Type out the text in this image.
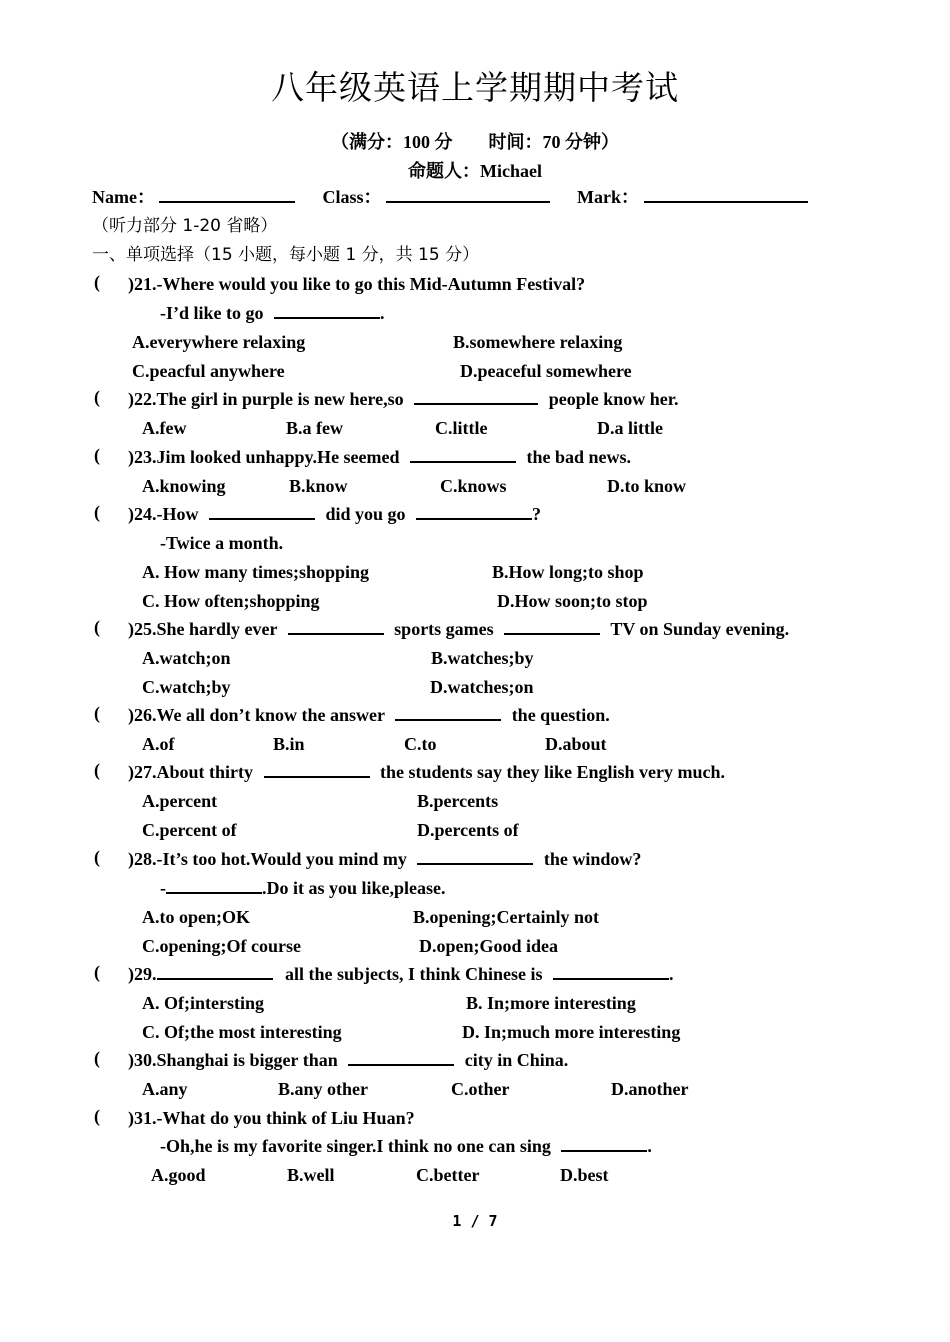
八年级英语上学期期中考试
（满分：100 分　　时间：70 分钟）
命题人：Michael
Name：	Class：	Mark：
（听力部分 1-20 省略）
一、单项选择（15 小题，每小题 1 分，共 15 分）
( )21.-Where would you like to go this Mid-Autumn Festival?
-I’d like to go	.
A.everywhere relaxing	B.somewhere relaxing
C.peacful anywhere	D.peaceful somewhere
( )22.The girl in purple is new here,so	people know her.
A.few	B.a few	C.little	D.a little
( )23.Jim looked unhappy.He seemed	the bad news.
A.knowing	B.know	C.knows	D.to know
( )24.-How	did you go	?
-Twice a month.
A. How many times;shopping	B.How long;to shop
C. How often;shopping	D.How soon;to stop
( )25.She hardly ever	sports games	TV on Sunday evening.
A.watch;on	B.watches;by
C.watch;by	D.watches;on
( )26.We all don’t know the answer	the question.
A.of	B.in	C.to	D.about
( )27.About thirty	the students say they like English very much.
A.percent	B.percents
C.percent of	D.percents of
( )28.-It’s too hot.Would you mind my	the window?
-	.Do it as you like,please.
A.to open;OK	B.opening;Certainly not
C.opening;Of course	D.open;Good idea
( )29.	all the subjects, I think Chinese is	.
A. Of;intersting	B. In;more interesting
C. Of;the most interesting	D. In;much more interesting
( )30.Shanghai is bigger than	city in China.
A.any	B.any other	C.other	D.another
( )31.-What do you think of Liu Huan?
-Oh,he is my favorite singer.I think no one can sing	.
A.good	B.well	C.better	D.best
1 / 7
